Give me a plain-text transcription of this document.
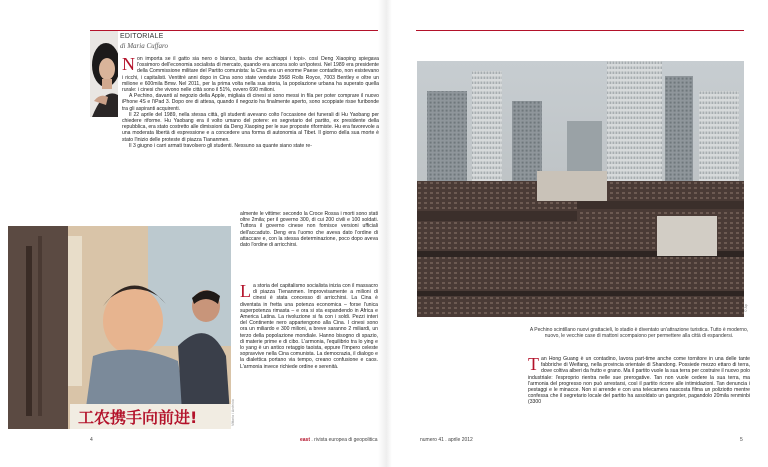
EDITORIALE
di Maria Cuffaro

Non importa se il gatto sia nero o bianco, basta che acchiappi i topi». così Deng Xiaoping spiegava l'ossimoro dell'economia socialista di mercato, quando era ancora solo un'ipotesi. Nel 1989 era presidente della Commissione militare del Partito comunista: la Cina era un enorme Paese contadino, non esistevano i ricchi, i capitalisti. Ventitré anni dopo in Cina sono state vendute 3568 Rolls Royce, 7003 Bentley e oltre un milione e 600mila Bmw. Nel 2011, per la prima volta nella sua storia, la popolazione urbana ha superato quella rurale: i cinesi che vivono nelle città sono il 51%, ovvero 690 milioni.

A Pechino, davanti al negozio della Apple, migliaia di cinesi si sono messi in fila per poter comprare il nuovo iPhone 4S e l'iPad 3. Dopo ore di attesa, quando il negozio ha finalmente aperto, sono scoppiate risse furibonde tra gli aspiranti acquirenti.

Il 22 aprile del 1989, nella stessa città, gli studenti avevano colto l'occasione dei funerali di Hu Yaobang per chiedere riforme. Hu Yaobang era il volto umano del potere: ex segretario del partito, ex presidente della repubblica, era stato costretto alle dimissioni da Deng Xiaoping per le sue proposte riformiste. Hu era favorevole a una moderata libertà di espressione e a concedere una forma di autonomia al Tibet. Il giorno della sua morte è stato l'inizio delle proteste di piazza Tiananmen.

Il 3 giugno i carri armati travolsero gli studenti. Nessuno sa quante siano state re-

工农携手向前进!	Vittorio / Archivio

almente le vittime: secondo la Croce Rossa i morti sono stati oltre 2mila; per il governo 300, di cui 200 civili e 100 soldati. Tuttora il governo cinese non fornisce versioni ufficiali dell'accaduto. Deng era l'uomo che aveva dato l'ordine di attaccare e, con la stessa determinazione, poco dopo aveva dato l'ordine di arricchirsi.

La storia del capitalismo socialista inizia con il massacro di piazza Tienanmen. Improvvisamente a milioni di cinesi è stata concesso di arricchirsi. La Cina è diventata in fretta una potenza economica – forse l'unica superpotenza rimasta – e ora si sta espandendo in Africa e America Latina. La rivoluzione si fa con i soldi. Pezzi interi del Continente nero appartengono alla Cina. I cinesi sono ora un miliardo e 300 milioni, a breve saranno 2 miliardi, un terzo della popolazione mondiale. Hanno bisogno di spazio, di materie prime e di cibo. L'armonia, l'equilibrio tra lo ying e lo yang è un antico retaggio taoista, eppure l'Impero celeste sopravvive nella Cina comunista. La democrazia, il dialogo e la dialettica portano via tempo, creano confusione e caos. L'armonia invece richiede ordine e serenità.

4	east . rivista europea di geopolitica
© Ap
A Pechino scintillano nuovi grattacieli, lo stadio è diventato un'attrazione turistica. Tutto è moderno, nuovo, le vecchie case di mattoni scompaiono per permettere alla città di espandersi.

Tan Hong Guang è un contadino, lavora part-time anche come tornitore in una delle tante fabbriche di Weifang, nella provincia orientale di Shandong. Possiede mezzo ettaro di terra, dove coltiva alberi da frutto e grano. Ma il partito vuole la sua terra per costruire il nuovo polo industriale: l'esproprio rientra nelle sue prerogative. Tan non vuole cedere la sua terra, ma l'armonia del progresso non può arrestarsi, così il partito ricorre alle intimidazioni. Tan denuncia i pestaggi e le minacce. Non si arrende e con una telecamera nascosta filma un poliziotto mentre confessa che il segretario locale del partito ha assoldato un gangster, pagandolo 20mila renminbi (3300

numero 41 . aprile 2012	5
